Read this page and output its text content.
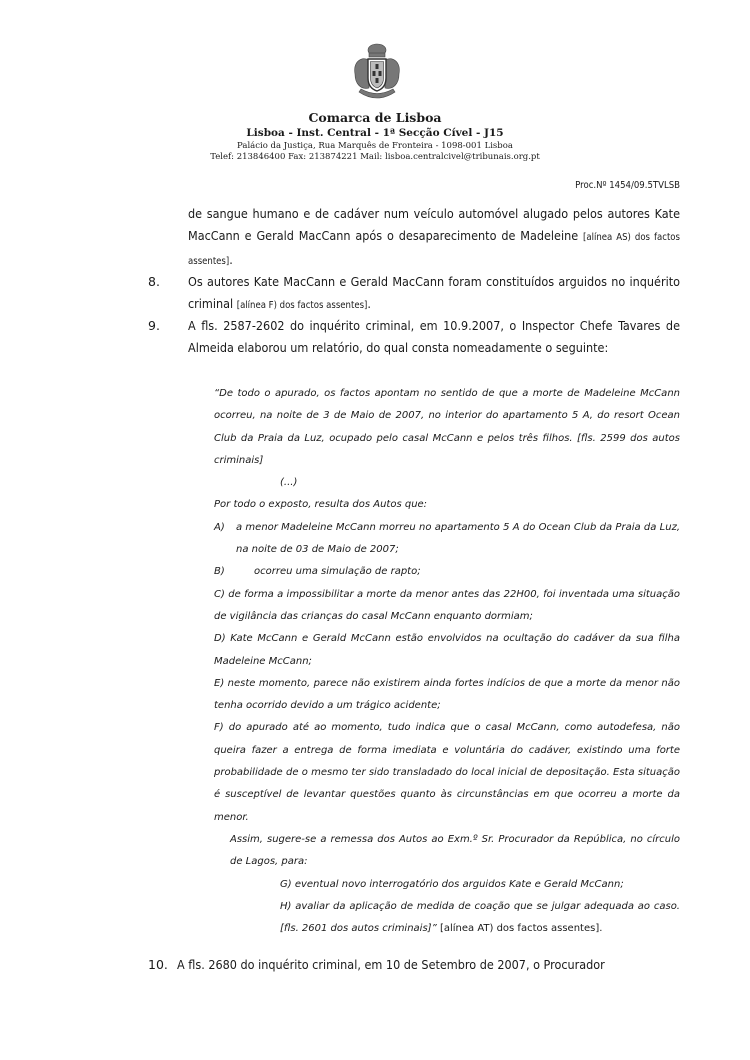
Comarca de Lisboa
Lisboa - Inst. Central - 1ª Secção Cível - J15
Palácio da Justiça, Rua Marquês de Fronteira - 1098-001 Lisboa
Telef: 213846400 Fax: 213874221 Mail: lisboa.centralcivel@tribunais.org.pt
Proc.Nº 1454/09.5TVLSB
de sangue humano e de cadáver num veículo automóvel alugado pelos autores Kate MacCann e Gerald MacCann após o desaparecimento de Madeleine [alínea AS) dos factos assentes].
8. Os autores Kate MacCann e Gerald MacCann foram constituídos arguidos no inquérito criminal [alínea F) dos factos assentes].
9. A fls. 2587-2602 do inquérito criminal, em 10.9.2007, o Inspector Chefe Tavares de Almeida elaborou um relatório, do qual consta nomeadamente o seguinte:

“De todo o apurado, os factos apontam no sentido de que a morte de Madeleine McCann ocorreu, na noite de 3 de Maio de 2007, no interior do apartamento 5 A, do resort Ocean Club da Praia da Luz, ocupado pelo casal McCann e pelos três filhos. [fls. 2599 dos autos criminais]

(...)

Por todo o exposto, resulta dos Autos que:

A) a menor Madeleine McCann morreu no apartamento 5 A do Ocean Club da Praia da Luz, na noite de 03 de Maio de 2007;

B)	ocorreu uma simulação de rapto;

C) de forma a impossibilitar a morte da menor antes das 22H00, foi inventada uma situação de vigilância das crianças do casal McCann enquanto dormiam;

D) Kate McCann e Gerald McCann estão envolvidos na ocultação do cadáver da sua filha Madeleine McCann;

E) neste momento, parece não existirem ainda fortes indícios de que a morte da menor não tenha ocorrido devido a um trágico acidente;

F) do apurado até ao momento, tudo indica que o casal McCann, como autodefesa, não queira fazer a entrega de forma imediata e voluntária do cadáver, existindo uma forte probabilidade de o mesmo ter sido transladado do local inicial de depositação. Esta situação é susceptível de levantar questões quanto às circunstâncias em que ocorreu a morte da menor.

Assim, sugere-se a remessa dos Autos ao Exm.º Sr. Procurador da República, no círculo de Lagos, para:

G) eventual novo interrogatório dos arguidos Kate e Gerald McCann;

H) avaliar da aplicação de medida de coação que se julgar adequada ao caso. [fls. 2601 dos autos criminais]” [alínea AT) dos factos assentes].

10. A fls. 2680 do inquérito criminal, em 10 de Setembro de 2007, o Procurador
